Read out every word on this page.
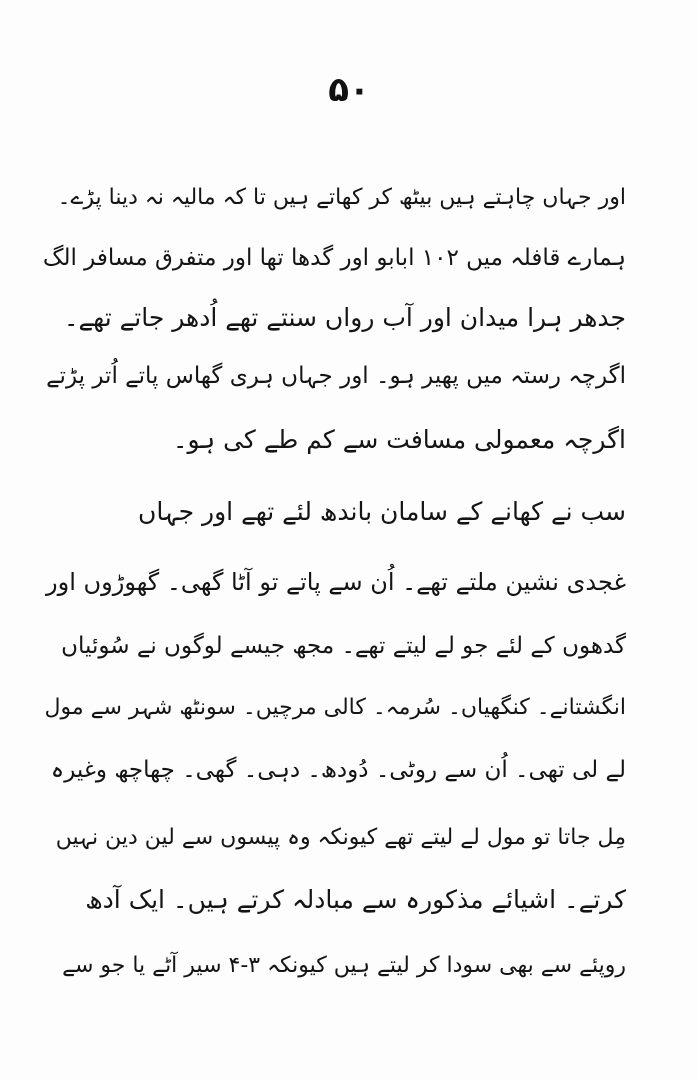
۵۰
اور جہاں چاہتے ہیں بیٹھ کر کھاتے ہیں تا کہ مالیہ نہ دینا پڑے۔
ہمارے قافلہ میں ۱۰۲ ابابو اور گدھا تھا اور متفرق مسافر الگ
جدھر ہرا میدان اور آب رواں سنتے تھے اُدھر جاتے تھے۔
اگرچہ رستہ میں پھیر ہو۔ اور جہاں ہری گھاس پاتے اُتر پڑتے
اگرچہ معمولی مسافت سے کم طے کی ہو۔
سب نے کھانے کے سامان باندھ لئے تھے اور جہاں
غجدی نشین ملتے تھے۔ اُن سے پاتے تو آٹا گھی۔ گھوڑوں اور
گدھوں کے لئے جو لے لیتے تھے۔ مجھ جیسے لوگوں نے سُوئیاں
انگشتانے۔ کنگھیاں۔ سُرمہ۔ کالی مرچیں۔ سونٹھ شہر سے مول
لے لی تھی۔ اُن سے روٹی۔ دُودھ۔ دہی۔ گھی۔ چھاچھ وغیرہ
مِل جاتا تو مول لے لیتے تھے کیونکہ وہ پیسوں سے لین دین نہیں
کرتے۔ اشیائے مذکورہ سے مبادلہ کرتے ہیں۔ ایک آدھ
روپئے سے بھی سودا کر لیتے ہیں کیونکہ ۳-۴ سیر آٹے یا جو سے
